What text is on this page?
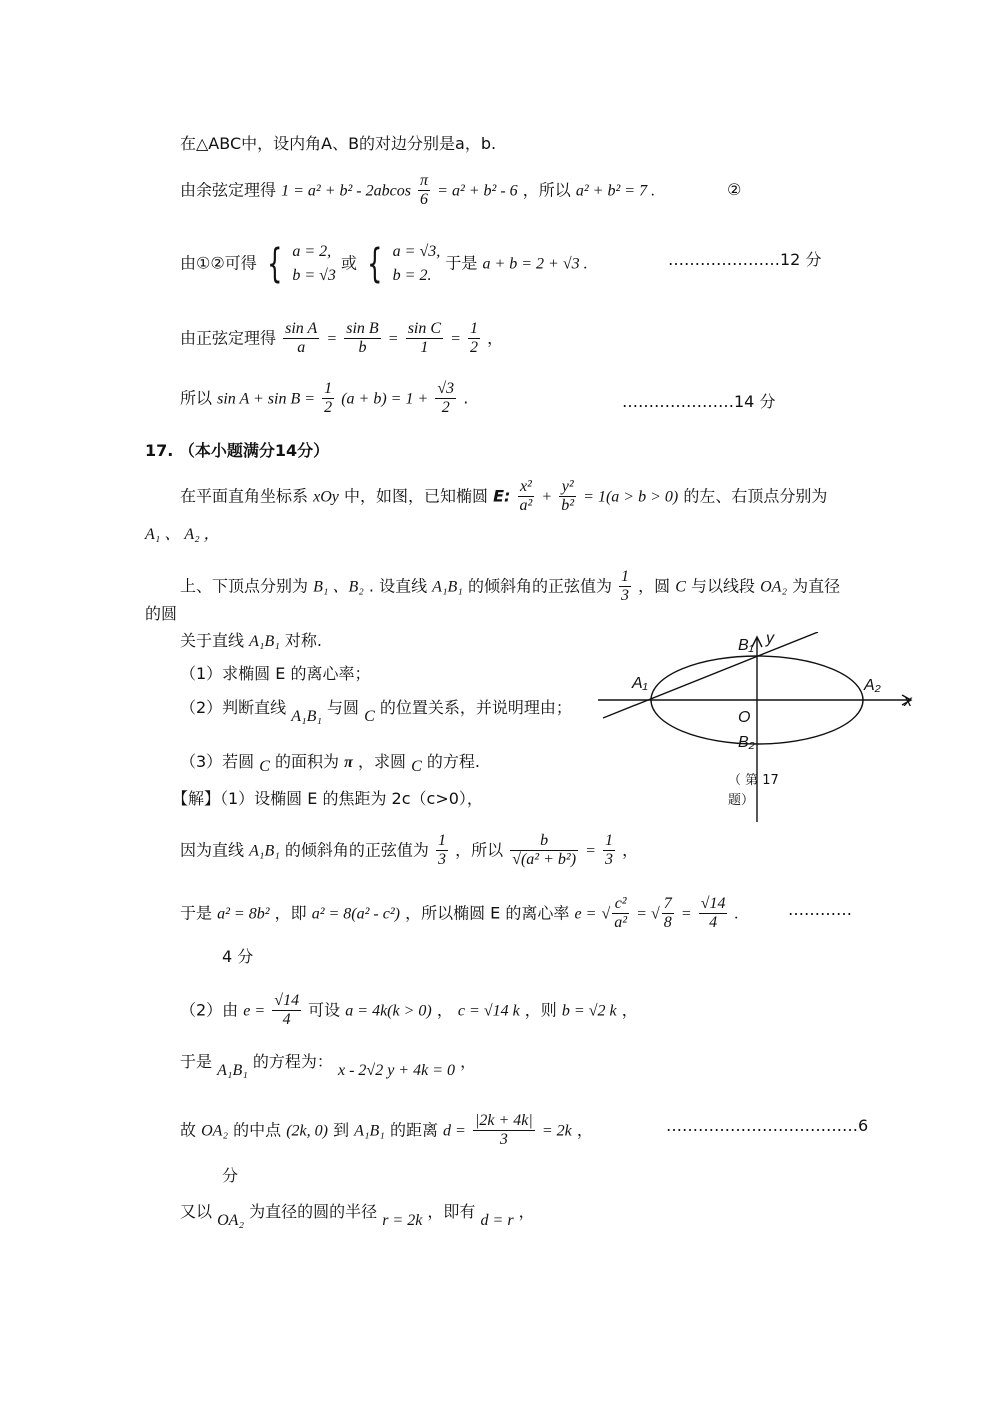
在△ABC中，设内角A、B的对边分别是a，b.
由余弦定理得 $1 = a^2 + b^2 - 2abcos \frac{\pi}{6} = a^2 + b^2 - 6$ ，所以 a² + b² = 7 .	②
由①②可得 { a = 2,
b = √3
或 { a = √3,
b = 2.
于是 a + b = 2 + √3 .	…………………12 分
由正弦定理得 $\frac{\text{sin A}}{a} = \frac{\text{sin B}}{b} = \frac{\text{sin C}}{1} = \frac{1}{2}$ ，
所以 $\sin A + \sin B = \frac{1}{2} (a + b) = 1 + \frac{√3}{2}$ .	…………………14 分
17. （本小题满分14分）
在平面直角坐标系 xOy 中，如图，已知椭圆 E: $\frac{\text{x²}}{\text{a²}} + \frac{\text{y²}}{\text{b²}} = 1(a > b > 0)$ 的左、右顶点分别为
A₁ 、 A₂ ，
上、下顶点分别为 B₁ 、B₂ . 设直线 A₁B₁ 的倾斜角的正弦值为 $\frac{1}{3}$ ，圆 C 与以线段 OA₂ 为直径
的圆
关于直线 A₁B₁ 对称.
（1）求椭圆 E 的离心率；
（2）判断直线 A₁B₁ 与圆 C 的位置关系，并说明理由；
（3）若圆 C 的面积为 π ，求圆 C 的方程.
【解】（1）设椭圆 E 的焦距为 2c（c>0），
y
x
B₁
B₂
A₁	A₂
O
（ 第 17
题）
因为直线 A₁B₁ 的倾斜角的正弦值为 $\frac{1}{3}$ ，所以 $\frac{b}{\text{√(a² + b²)}} = \frac{1}{3}$ ，
于是 a² = 8b² ，即 a² = 8(a² - c²) ，所以椭圆 E 的离心率 e = √ $\frac{\text{c²}}{\text{a²}}$ = √ $\frac{7}{8} = \frac{√14}{4}$ .	…………
4 分
（2）由 $e = \frac{√14}{4}$ 可设 a = 4k(k > 0) ， c = √14 k ，则 b = √2 k ，
于是 A₁B₁ 的方程为： x - 2√2 y + 4k = 0 ，
故 OA₂ 的中点 (2k, 0) 到 A₁B₁ 的距离 $d = \frac{|2k + 4k|}{3} = 2k$ ，	………………………………6
分
又以 OA₂ 为直径的圆的半径 r = 2k ，即有 d = r ，
